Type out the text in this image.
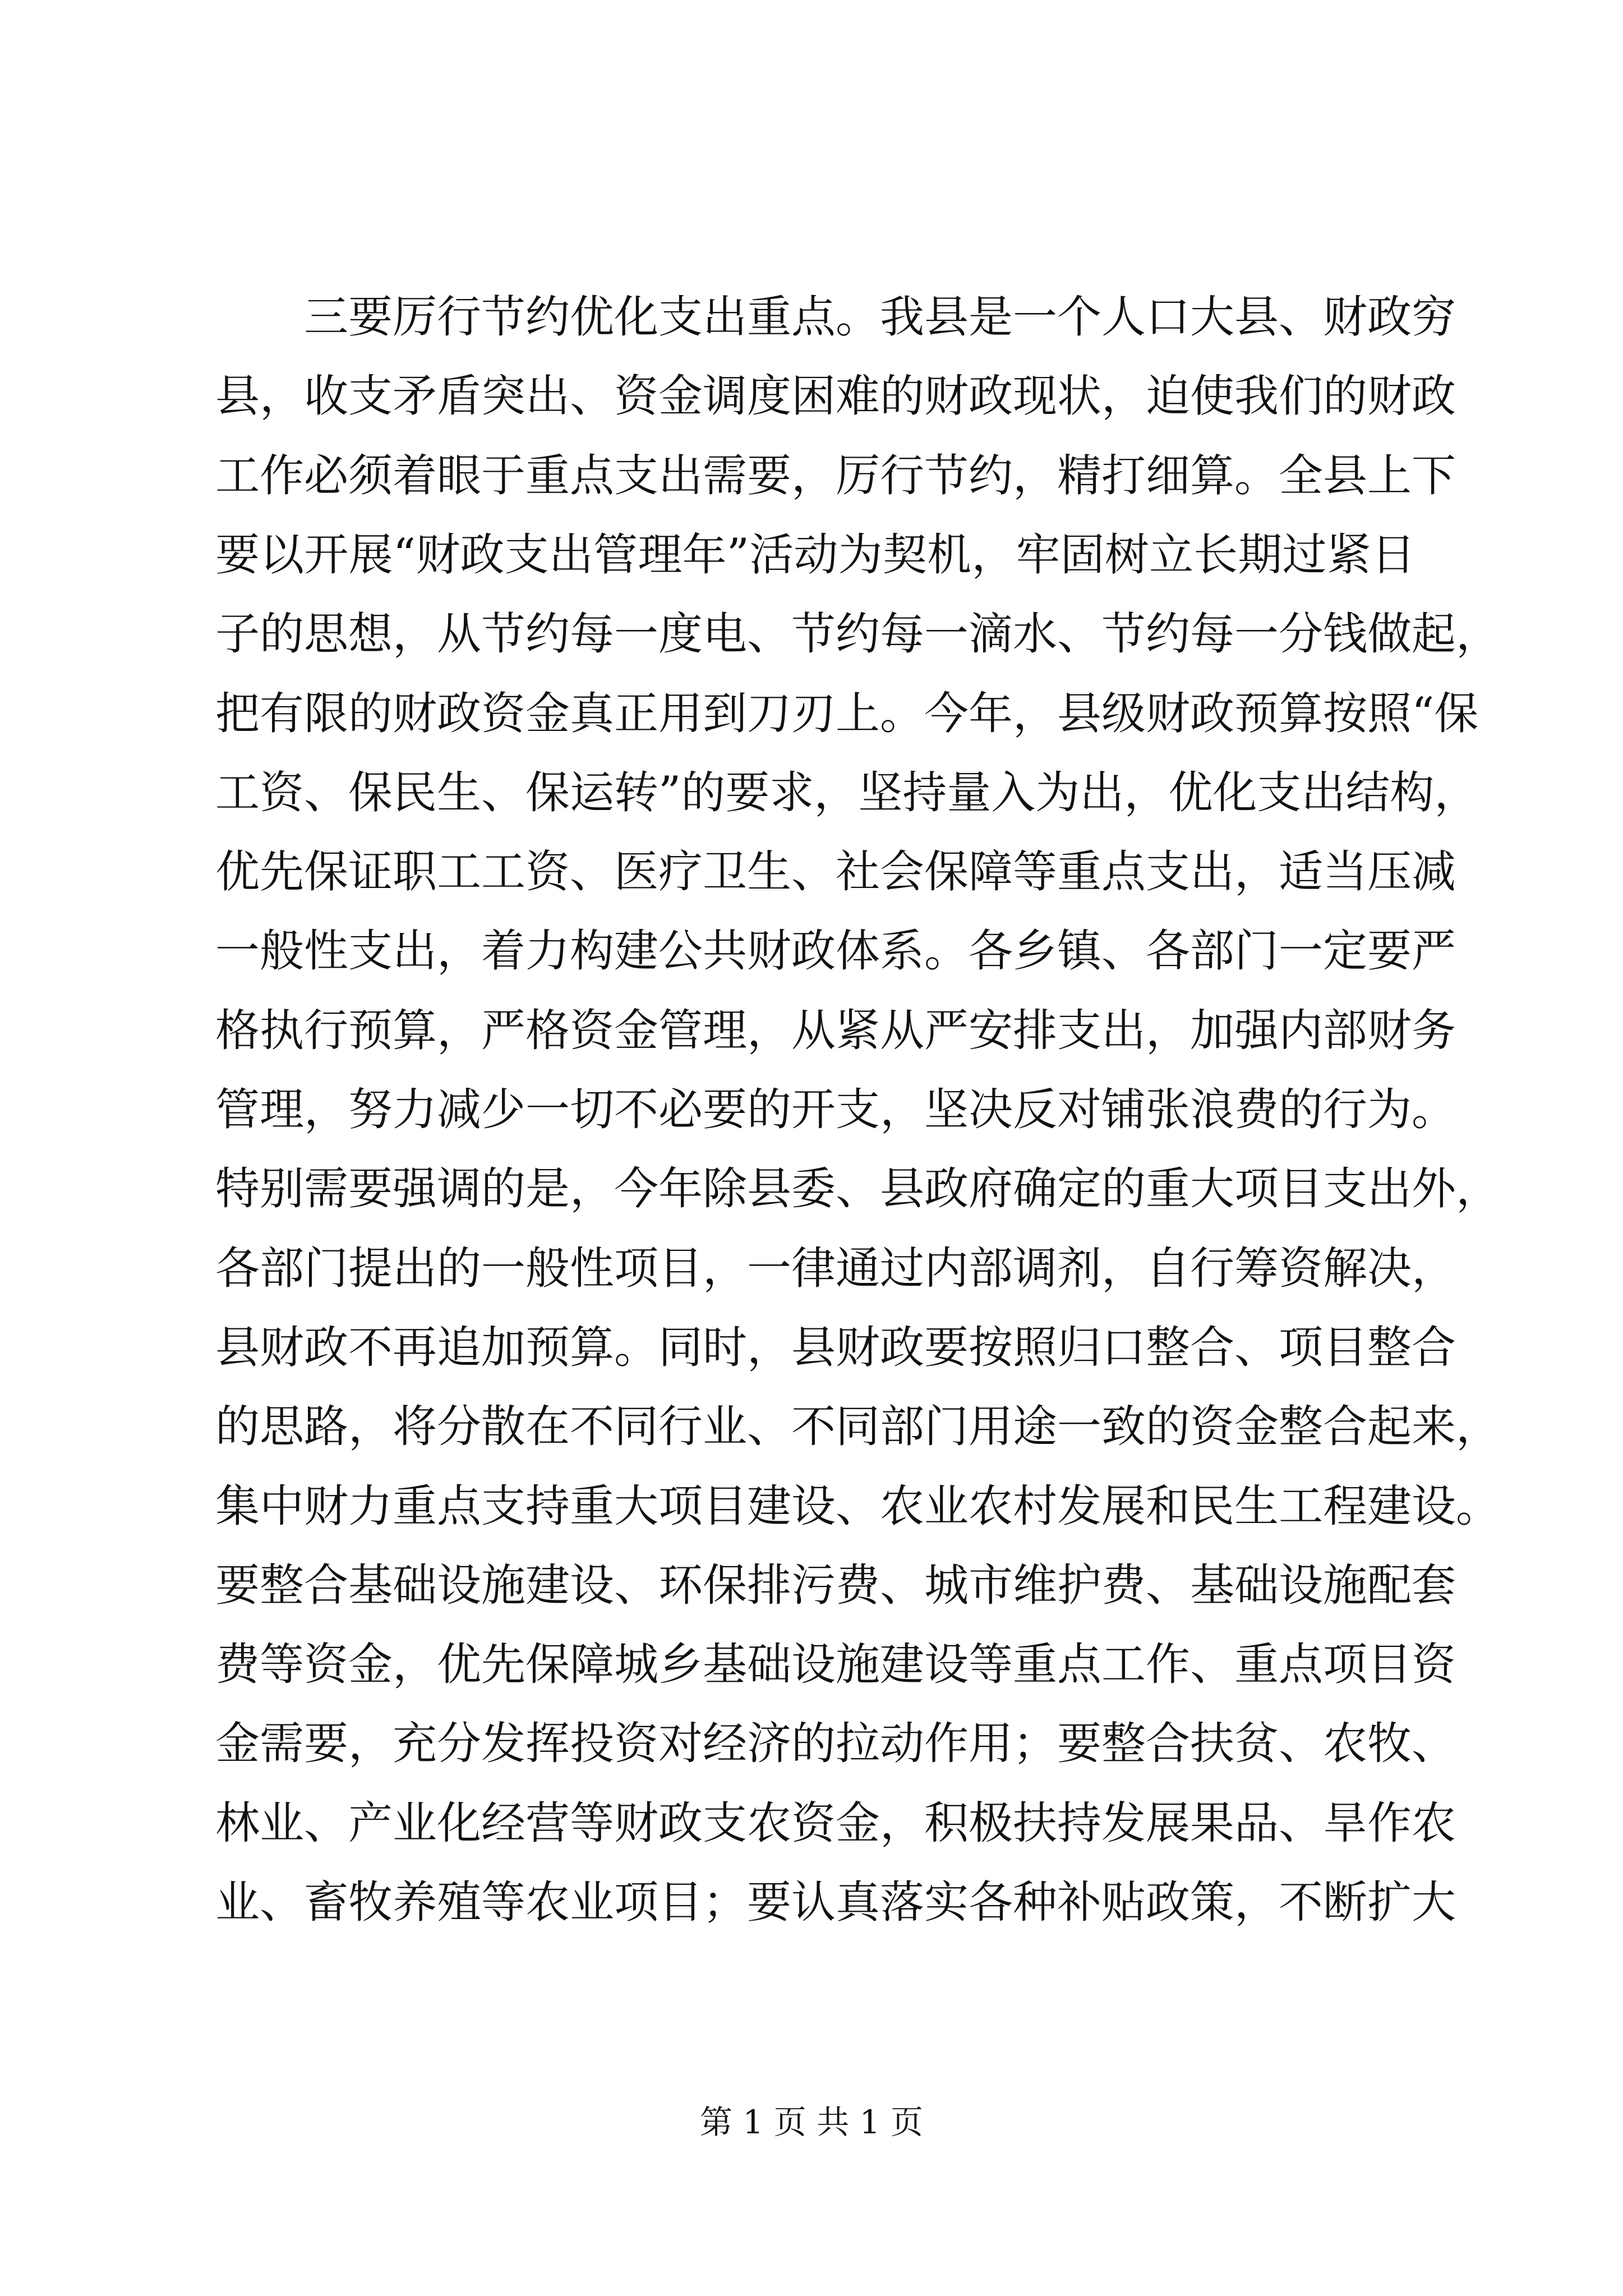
三要厉行节约优化支出重点。我县是一个人口大县、财政穷
县，收支矛盾突出、资金调度困难的财政现状，迫使我们的财政
工作必须着眼于重点支出需要，厉行节约，精打细算。全县上下
要以开展“财政支出管理年”活动为契机，牢固树立长期过紧日
子的思想，从节约每一度电、节约每一滴水、节约每一分钱做起，
把有限的财政资金真正用到刀刃上。今年，县级财政预算按照“保
工资、保民生、保运转”的要求，坚持量入为出，优化支出结构，
优先保证职工工资、医疗卫生、社会保障等重点支出，适当压减
一般性支出，着力构建公共财政体系。各乡镇、各部门一定要严
格执行预算，严格资金管理，从紧从严安排支出，加强内部财务
管理，努力减少一切不必要的开支，坚决反对铺张浪费的行为。
特别需要强调的是，今年除县委、县政府确定的重大项目支出外，
各部门提出的一般性项目，一律通过内部调剂，自行筹资解决，
县财政不再追加预算。同时，县财政要按照归口整合、项目整合
的思路，将分散在不同行业、不同部门用途一致的资金整合起来，
集中财力重点支持重大项目建设、农业农村发展和民生工程建设。
要整合基础设施建设、环保排污费、城市维护费、基础设施配套
费等资金，优先保障城乡基础设施建设等重点工作、重点项目资
金需要，充分发挥投资对经济的拉动作用；要整合扶贫、农牧、
林业、产业化经营等财政支农资金，积极扶持发展果品、旱作农
业、畜牧养殖等农业项目；要认真落实各种补贴政策，不断扩大
第 1 页 共 1 页
